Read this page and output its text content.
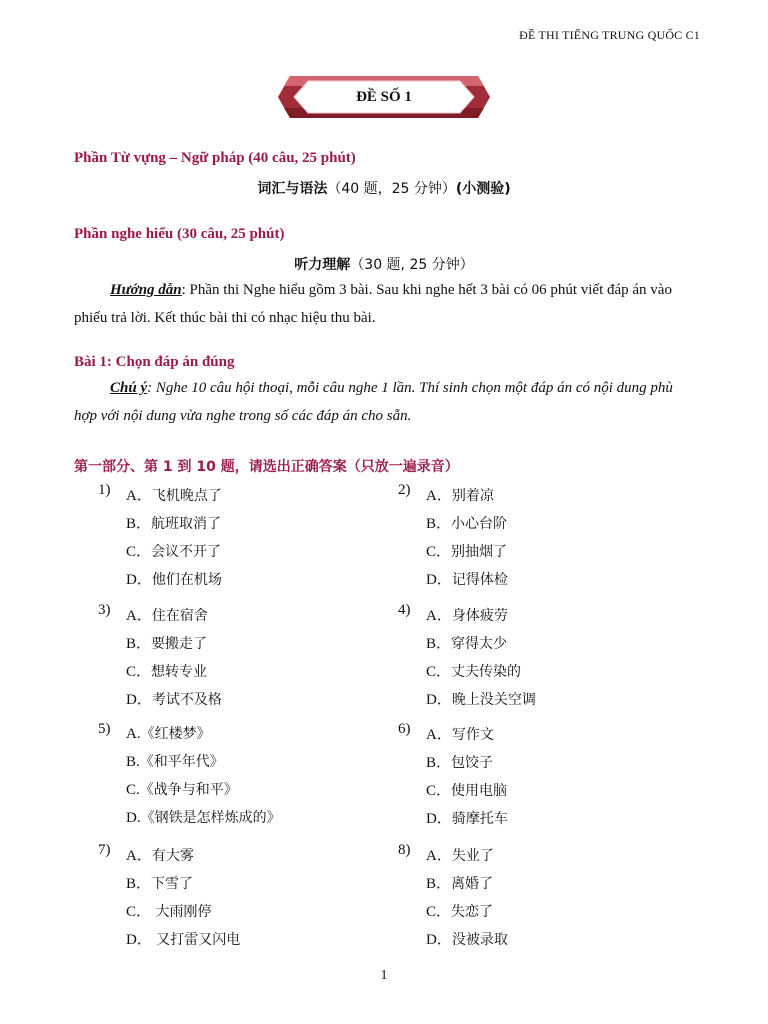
ĐỀ THI TIẾNG TRUNG QUỐC C1
ĐỀ SỐ 1
Phần Từ vựng – Ngữ pháp (40 câu, 25 phút)
词汇与语法（40 题，25 分钟）(小测验)
Phần nghe hiểu (30 câu, 25 phút)
听力理解（30 题, 25 分钟）
Hướng dẫn: Phần thi Nghe hiểu gồm 3 bài. Sau khi nghe hết 3 bài có 06 phút viết đáp án vào phiếu trả lời. Kết thúc bài thi có nhạc hiệu thu bài.
Bài 1: Chọn đáp án đúng
Chú ý: Nghe 10 câu hội thoại, mỗi câu nghe 1 lần. Thí sinh chọn một đáp án có nội dung phù hợp với nội dung vừa nghe trong số các đáp án cho sẵn.
第一部分、第 1 到 10 题，请选出正确答案（只放一遍录音）
1) A．飞机晚点了
B．航班取消了
C．会议不开了
D．他们在机场
2) A．别着凉
B．小心台阶
C．别抽烟了
D．记得体检
3) A．住在宿舍
B．要搬走了
C．想转专业
D．考试不及格
4) A．身体疲劳
B．穿得太少
C．丈夫传染的
D．晚上没关空调
5) A.《红楼梦》
B.《和平年代》
C.《战争与和平》
D.《钢铁是怎样炼成的》
6) A．写作文
B．包饺子
C．使用电脑
D．骑摩托车
7) A．有大雾
B．下雪了
C． 大雨刚停
D． 又打雷又闪电
8) A．失业了
B．离婚了
C．失恋了
D．没被录取
1
